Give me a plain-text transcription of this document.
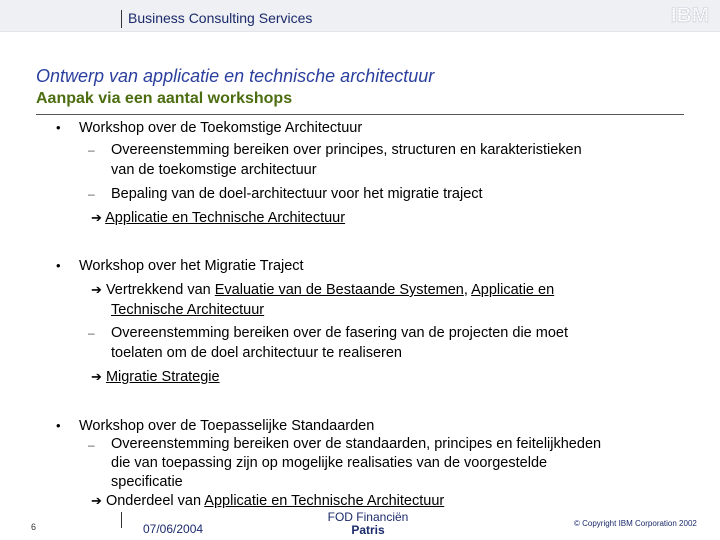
Business Consulting Services	IBM
Ontwerp van applicatie en technische architectuur
Aanpak via een aantal workshops
• Workshop over de Toekomstige Architectuur
– Overeenstemming bereiken over principes, structuren en karakteristieken
van de toekomstige architectuur
– Bepaling van de doel-architectuur voor het migratie traject
➔ Applicatie en Technische Architectuur
• Workshop over het Migratie Traject
➔ Vertrekkend van Evaluatie van de Bestaande Systemen, Applicatie en
Technische Architectuur
– Overeenstemming bereiken over de fasering van de projecten die moet
toelaten om de doel architectuur te realiseren
➔ Migratie Strategie
• Workshop over de Toepasselijke Standaarden
– Overeenstemming bereiken over de standaarden, principes en feitelijkheden
die van toepassing zijn op mogelijke realisaties van de voorgestelde
specificatie
➔ Onderdeel van Applicatie en Technische Architectuur
6	07/06/2004
FOD Financiën
Patris	© Copyright IBM Corporation 2002
